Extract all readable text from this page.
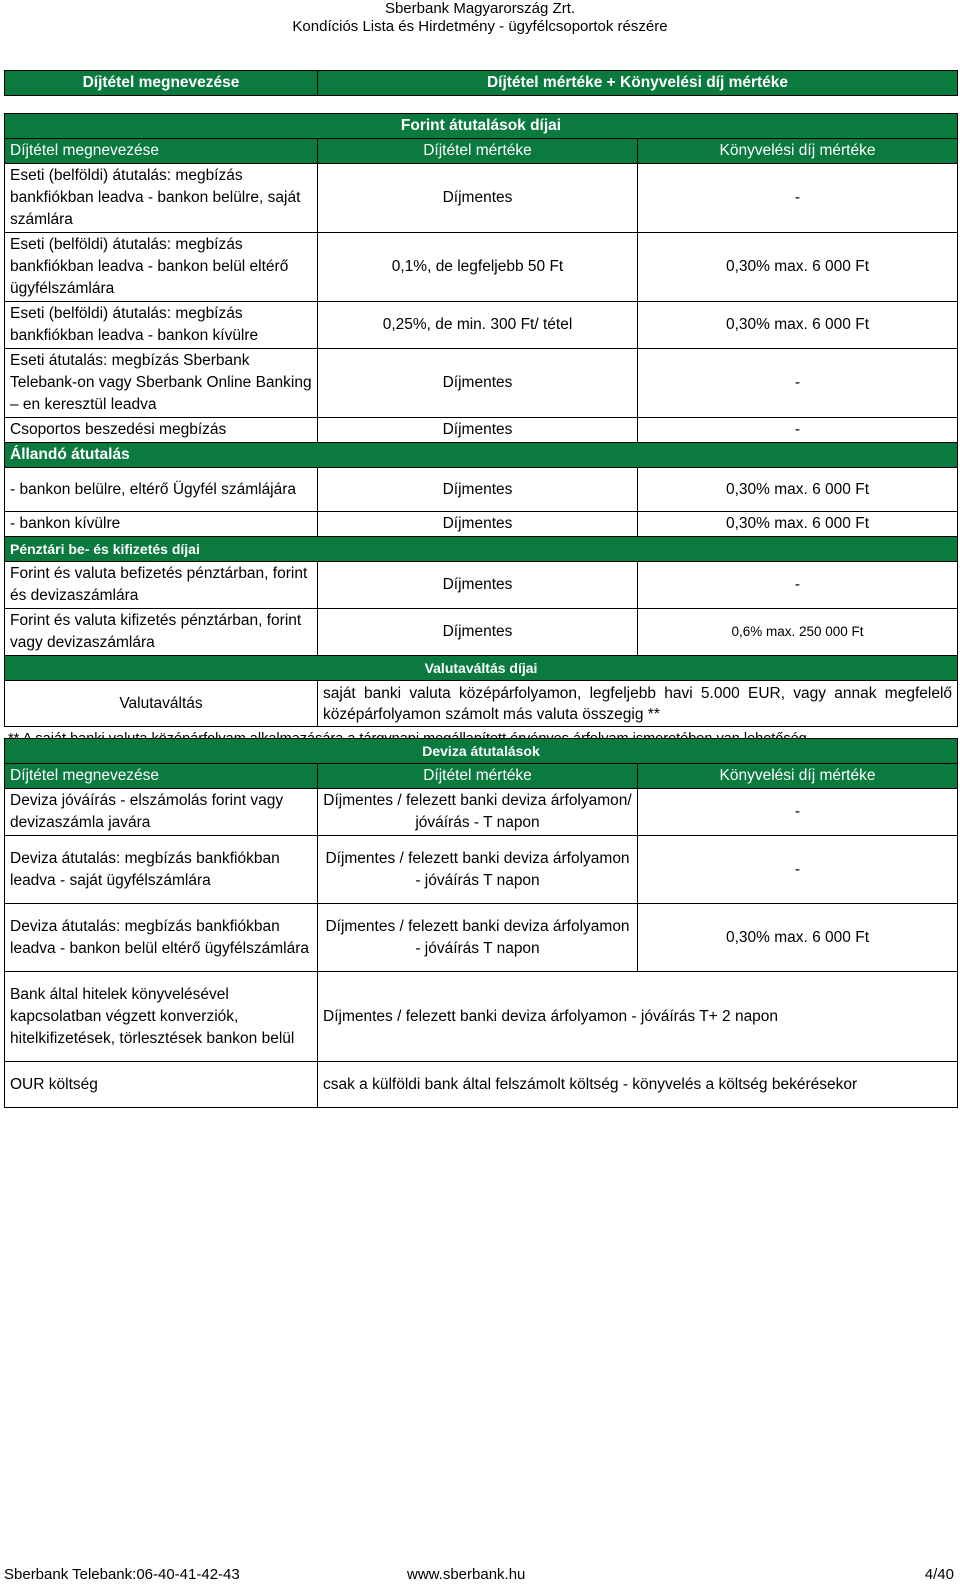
Sberbank Magyarország Zrt.
Kondíciós Lista és Hirdetmény - ügyfélcsoportok részére
Díjtétel megnevezése	Díjtétel mértéke + Könyvelési díj mértéke
Forint átutalások díjai		
Díjtétel megnevezése	Díjtétel mértéke	Könyvelési díj mértéke
Eseti (belföldi) átutalás: megbízás bankfiókban leadva - bankon belülre, saját számlára	Díjmentes	-
Eseti (belföldi) átutalás: megbízás bankfiókban leadva - bankon belül eltérő ügyfélszámlára	0,1%, de legfeljebb 50 Ft	0,30% max. 6 000 Ft
Eseti (belföldi) átutalás: megbízás bankfiókban leadva - bankon kívülre	0,25%, de min. 300 Ft/ tétel	0,30% max. 6 000 Ft
Eseti átutalás: megbízás Sberbank Telebank-on vagy Sberbank Online Banking – en keresztül leadva	Díjmentes	-
Csoportos beszedési megbízás	Díjmentes	-
Állandó átutalás		
- bankon belülre, eltérő Ügyfél számlájára	Díjmentes	0,30% max. 6 000 Ft
- bankon kívülre	Díjmentes	0,30% max. 6 000 Ft
Pénztári be- és kifizetés díjai		
Forint és valuta befizetés pénztárban, forint és devizaszámlára	Díjmentes	-
Forint és valuta kifizetés pénztárban, forint vagy devizaszámlára	Díjmentes	0,6% max. 250 000 Ft
Valutaváltás díjai		
Valutaváltás	saját banki valuta középárfolyamon, legfeljebb havi 5.000 EUR, vagy annak megfelelő középárfolyamon számolt más valuta összegig **	
Deviza átutalások		
Díjtétel megnevezése	Díjtétel mértéke	Könyvelési díj mértéke
Deviza jóváírás - elszámolás forint vagy devizaszámla javára	Díjmentes / felezett banki deviza árfolyamon/ jóváírás - T napon	-
Deviza átutalás: megbízás bankfiókban leadva - saját ügyfélszámlára	Díjmentes / felezett banki deviza árfolyamon - jóváírás T napon	-
Deviza átutalás: megbízás bankfiókban leadva - bankon belül eltérő ügyfélszámlára	Díjmentes / felezett banki deviza árfolyamon - jóváírás T napon	0,30% max. 6 000 Ft
Bank által hitelek könyvelésével kapcsolatban végzett konverziók, hitelkifizetések, törlesztések bankon belül	Díjmentes / felezett banki deviza árfolyamon - jóváírás T+ 2 napon	
OUR költség	csak a külföldi bank által felszámolt költség - könyvelés a költség bekérésekor	
Sberbank Telebank:06-40-41-42-43	www.sberbank.hu	4/40
